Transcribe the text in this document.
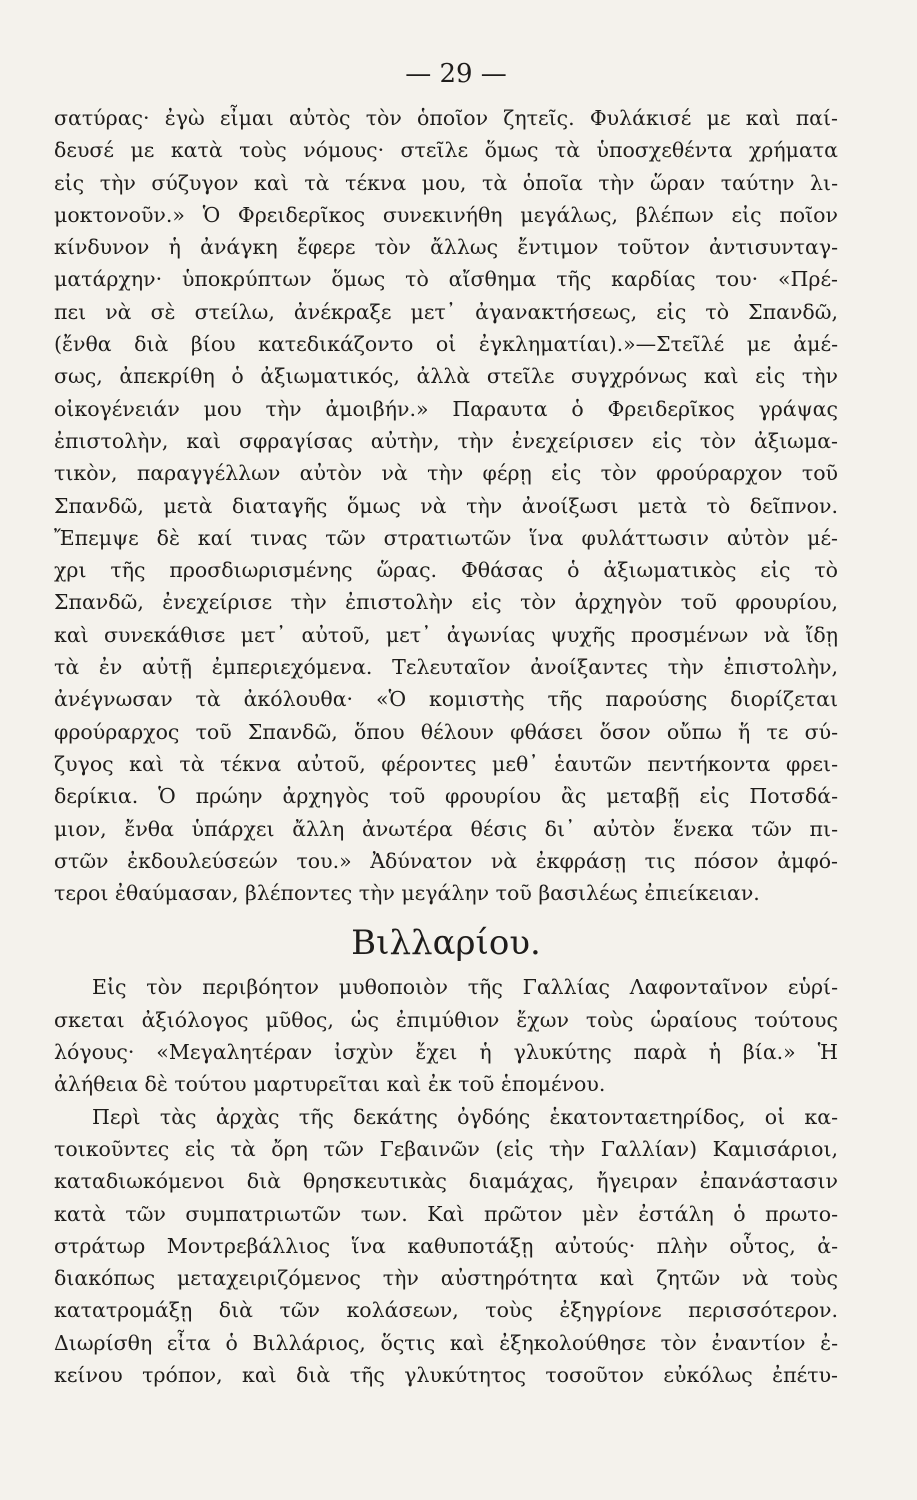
— 29 —
σατύρας· ἐγὼ εἶμαι αὐτὸς τὸν ὁποῖον ζητεῖς. Φυλάκισέ με καὶ παί-
δευσέ με κατὰ τοὺς νόμους· στεῖλε ὅμως τὰ ὑποσχεθέντα χρήματα
εἰς τὴν σύζυγον καὶ τὰ τέκνα μου, τὰ ὁποῖα τὴν ὥραν ταύτην λι-
μοκτονοῦν.» Ὁ Φρειδερῖκος συνεκινήθη μεγάλως, βλέπων εἰς ποῖον
κίνδυνον ἡ ἀνάγκη ἔφερε τὸν ἄλλως ἔντιμον τοῦτον ἀντισυνταγ-
ματάρχην· ὑποκρύπτων ὅμως τὸ αἴσθημα τῆς καρδίας του· «Πρέ-
πει νὰ σὲ στείλω, ἀνέκραξε μετ᾽ ἀγανακτήσεως, εἰς τὸ Σπανδῶ,
(ἔνθα διὰ βίου κατεδικάζοντο οἱ ἐγκληματίαι).»—Στεῖλέ με ἀμέ-
σως, ἀπεκρίθη ὁ ἀξιωματικός, ἀλλὰ στεῖλε συγχρόνως καὶ εἰς τὴν
οἰκογένειάν μου τὴν ἀμοιβήν.» Παραυτα ὁ Φρειδερῖκος γράψας
ἐπιστολὴν, καὶ σφραγίσας αὐτὴν, τὴν ἐνεχείρισεν εἰς τὸν ἀξιωμα-
τικὸν, παραγγέλλων αὐτὸν νὰ τὴν φέρῃ εἰς τὸν φρούραρχον τοῦ
Σπανδῶ, μετὰ διαταγῆς ὅμως νὰ τὴν ἀνοίξωσι μετὰ τὸ δεῖπνον.
Ἔπεμψε δὲ καί τινας τῶν στρατιωτῶν ἵνα φυλάττωσιν αὐτὸν μέ-
χρι τῆς προσδιωρισμένης ὥρας. Φθάσας ὁ ἀξιωματικὸς εἰς τὸ
Σπανδῶ, ἐνεχείρισε τὴν ἐπιστολὴν εἰς τὸν ἀρχηγὸν τοῦ φρουρίου,
καὶ συνεκάθισε μετ᾽ αὐτοῦ, μετ᾽ ἀγωνίας ψυχῆς προσμένων νὰ ἴδῃ
τὰ ἐν αὐτῇ ἐμπεριεχόμενα. Τελευταῖον ἀνοίξαντες τὴν ἐπιστολὴν,
ἀνέγνωσαν τὰ ἀκόλουθα· «Ὁ κομιστὴς τῆς παρούσης διορίζεται
φρούραρχος τοῦ Σπανδῶ, ὅπου θέλουν φθάσει ὅσον οὔπω ἥ τε σύ-
ζυγος καὶ τὰ τέκνα αὐτοῦ, φέροντες μεθ᾽ ἑαυτῶν πεντήκοντα φρει-
δερίκια. Ὁ πρώην ἀρχηγὸς τοῦ φρουρίου ἂς μεταβῇ εἰς Ποτσδά-
μιον, ἔνθα ὑπάρχει ἄλλη ἀνωτέρα θέσις δι᾽ αὐτὸν ἕνεκα τῶν πι-
στῶν ἐκδουλεύσεών του.» Ἀδύνατον νὰ ἐκφράσῃ τις πόσον ἀμφό-
τεροι ἐθαύμασαν, βλέποντες τὴν μεγάλην τοῦ βασιλέως ἐπιείκειαν.
Βιλλαρίου.
Εἰς τὸν περιβόητον μυθοποιὸν τῆς Γαλλίας Λαφονταῖνον εὑρί-
σκεται ἀξιόλογος μῦθος, ὡς ἐπιμύθιον ἔχων τοὺς ὡραίους τούτους
λόγους· «Μεγαλητέραν ἰσχὺν ἔχει ἡ γλυκύτης παρὰ ἡ βία.» Ἡ
ἀλήθεια δὲ τούτου μαρτυρεῖται καὶ ἐκ τοῦ ἑπομένου.
Περὶ τὰς ἀρχὰς τῆς δεκάτης ὀγδόης ἑκατονταετηρίδος, οἱ κα-
τοικοῦντες εἰς τὰ ὄρη τῶν Γεβαινῶν (εἰς τὴν Γαλλίαν) Καμισάριοι,
καταδιωκόμενοι διὰ θρησκευτικὰς διαμάχας, ἤγειραν ἐπανάστασιν
κατὰ τῶν συμπατριωτῶν των. Καὶ πρῶτον μὲν ἐστάλη ὁ πρωτο-
στράτωρ Μοντρεβάλλιος ἵνα καθυποτάξῃ αὐτούς· πλὴν οὗτος, ἀ-
διακόπως μεταχειριζόμενος τὴν αὐστηρότητα καὶ ζητῶν νὰ τοὺς
κατατρομάξῃ διὰ τῶν κολάσεων, τοὺς ἐξηγρίονε περισσότερον.
Διωρίσθη εἶτα ὁ Βιλλάριος, ὅςτις καὶ ἐξηκολούθησε τὸν ἐναντίον ἐ-
κείνου τρόπον, καὶ διὰ τῆς γλυκύτητος τοσοῦτον εὐκόλως ἐπέτυ-
